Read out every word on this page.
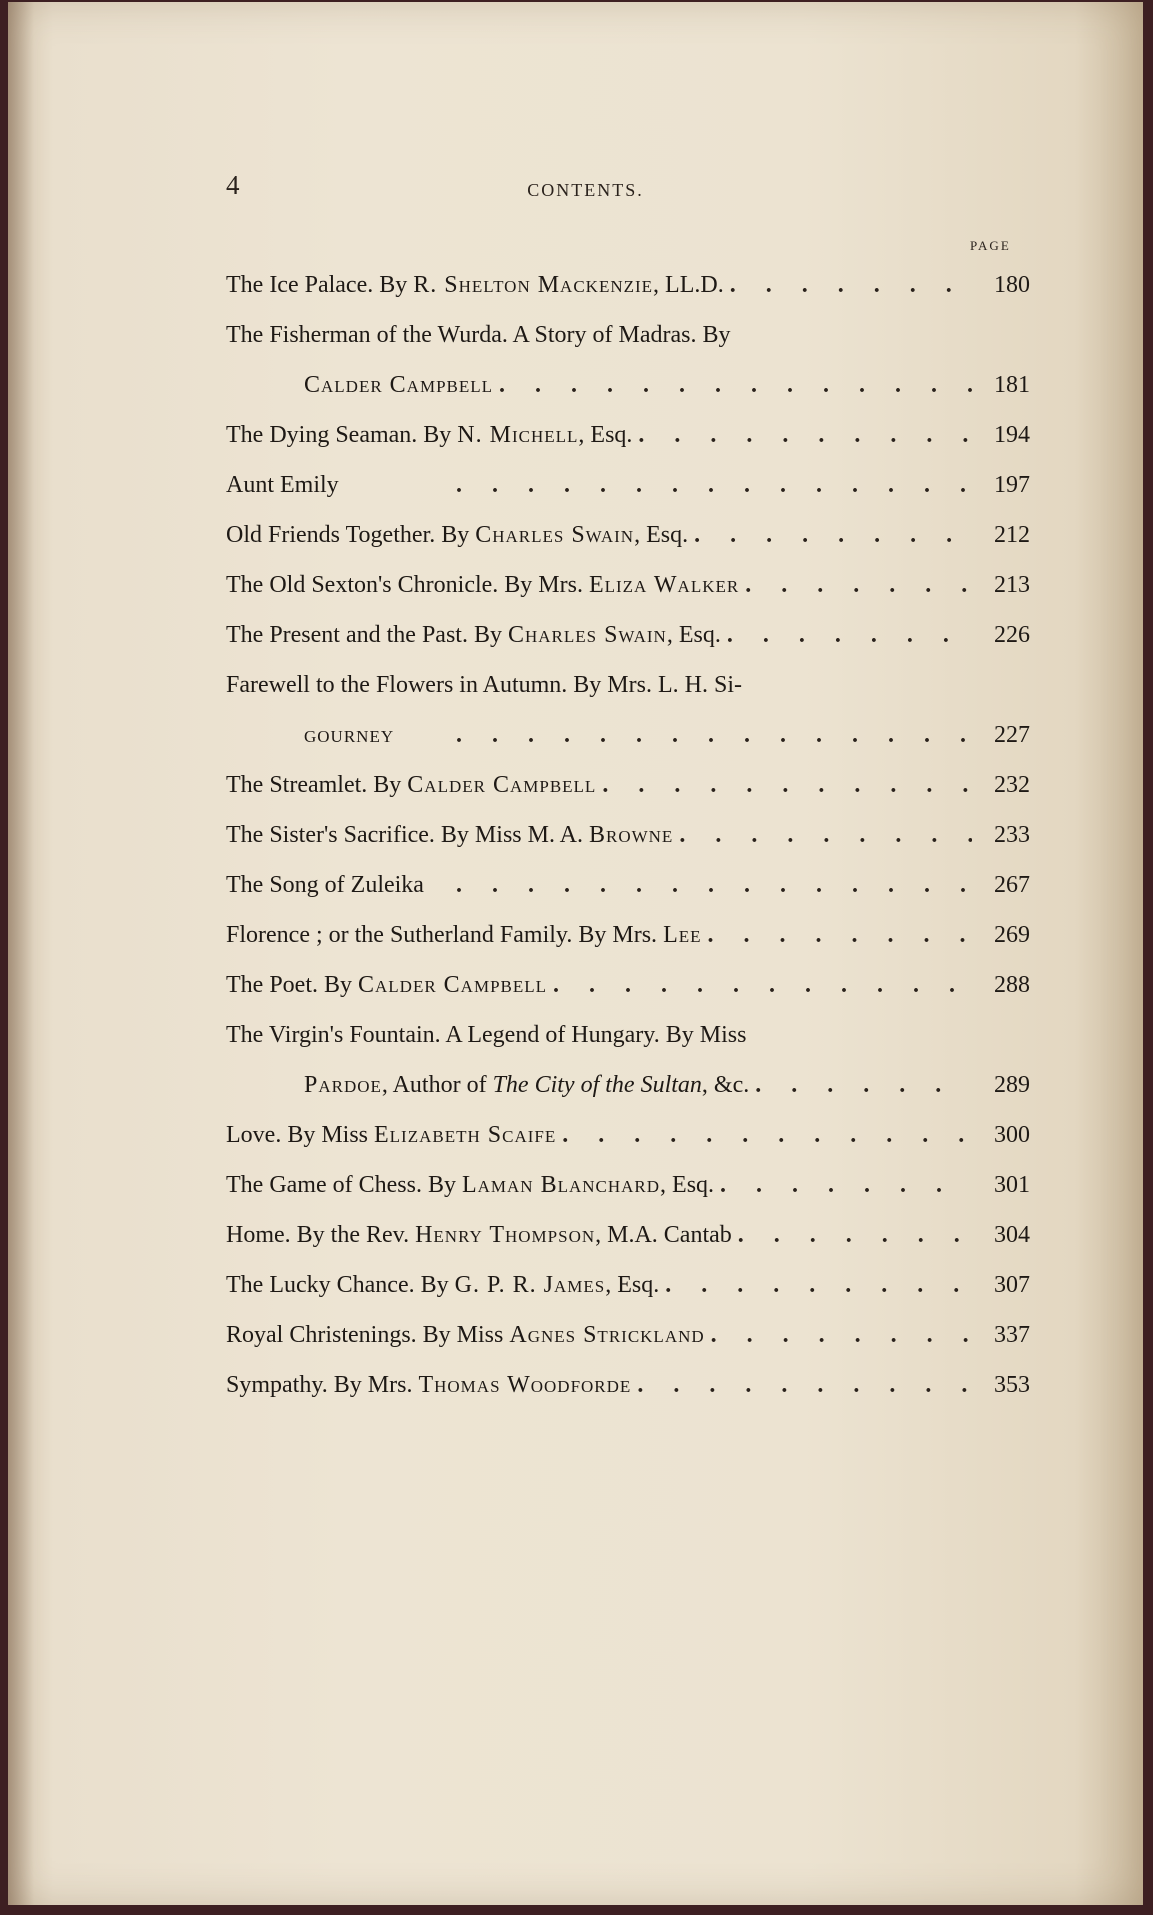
4	CONTENTS.
PAGE
The Ice Palace. By R. Shelton Mackenzie, LL.D. .	180
The Fisherman of the Wurda. A Story of Madras. By
Calder Campbell .	181
The Dying Seaman. By N. Michell, Esq. .	194
Aunt Emily .	197
Old Friends Together. By Charles Swain, Esq. .	212
The Old Sexton's Chronicle. By Mrs. Eliza Walker .	213
The Present and the Past. By Charles Swain, Esq. .	226
Farewell to the Flowers in Autumn. By Mrs. L. H. Si-
gourney .	227
The Streamlet. By Calder Campbell .	232
The Sister's Sacrifice. By Miss M. A. Browne .	233
The Song of Zuleika .	267
Florence ; or the Sutherland Family. By Mrs. Lee .	269
The Poet. By Calder Campbell .	288
The Virgin's Fountain. A Legend of Hungary. By Miss
Pardoe, Author of The City of the Sultan, &c. .	289
Love. By Miss Elizabeth Scaife .	300
The Game of Chess. By Laman Blanchard, Esq. .	301
Home. By the Rev. Henry Thompson, M.A. Cantab .	304
The Lucky Chance. By G. P. R. James, Esq. .	307
Royal Christenings. By Miss Agnes Strickland .	337
Sympathy. By Mrs. Thomas Woodforde .	353
